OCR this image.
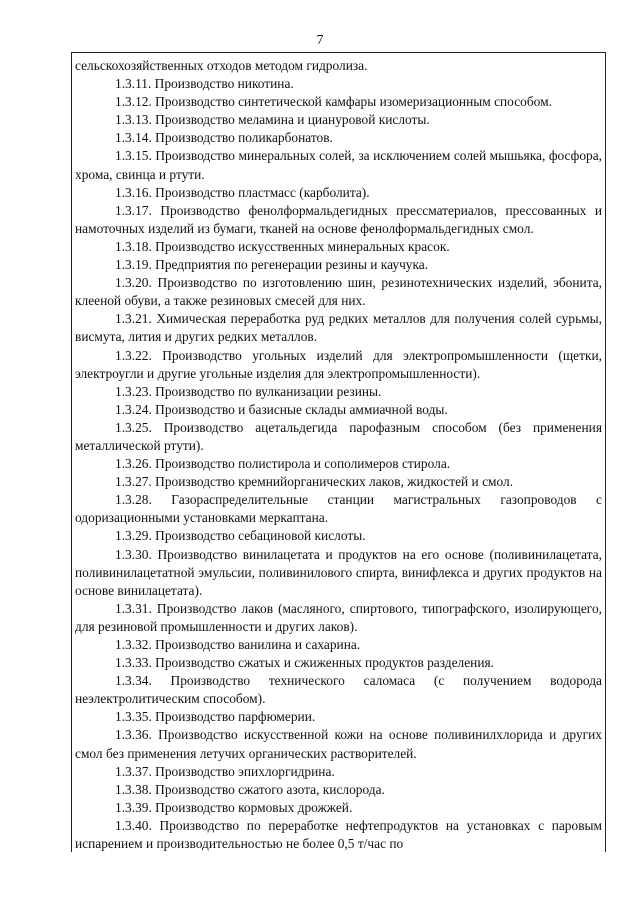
7

сельскохозяйственных отходов методом гидролиза.

1.3.11. Производство никотина.

1.3.12. Производство синтетической камфары изомеризационным способом.

1.3.13. Производство меламина и циануровой кислоты.

1.3.14. Производство поликарбонатов.

1.3.15. Производство минеральных солей, за исключением солей мышьяка, фосфора, хрома, свинца и ртути.

1.3.16. Производство пластмасс (карболита).

1.3.17. Производство фенолформальдегидных прессматериалов, прессованных и намоточных изделий из бумаги, тканей на основе фенолформальдегидных смол.

1.3.18. Производство искусственных минеральных красок.

1.3.19. Предприятия по регенерации резины и каучука.

1.3.20. Производство по изготовлению шин, резинотехнических изделий, эбонита, клееной обуви, а также резиновых смесей для них.

1.3.21. Химическая переработка руд редких металлов для получения солей сурьмы, висмута, лития и других редких металлов.

1.3.22. Производство угольных изделий для электропромышленности (щетки, электроугли и другие угольные изделия для электропромышленности).

1.3.23. Производство по вулканизации резины.

1.3.24. Производство и базисные склады аммиачной воды.

1.3.25. Производство ацетальдегида парофазным способом (без применения металлической ртути).

1.3.26. Производство полистирола и сополимеров стирола.

1.3.27. Производство кремнийорганических лаков, жидкостей и смол.

1.3.28. Газораспределительные станции магистральных газопроводов с одоризационными установками меркаптана.

1.3.29. Производство себациновой кислоты.

1.3.30. Производство винилацетата и продуктов на его основе (поливинилацетата, поливинилацетатной эмульсии, поливинилового спирта, винифлекса и других продуктов на основе винилацетата).

1.3.31. Производство лаков (масляного, спиртового, типографского, изолирующего, для резиновой промышленности и других лаков).

1.3.32. Производство ванилина и сахарина.

1.3.33. Производство сжатых и сжиженных продуктов разделения.

1.3.34. Производство технического саломаса (с получением водорода неэлектролитическим способом).

1.3.35. Производство парфюмерии.

1.3.36. Производство искусственной кожи на основе поливинилхлорида и других смол без применения летучих органических растворителей.

1.3.37. Производство эпихлоргидрина.

1.3.38. Производство сжатого азота, кислорода.

1.3.39. Производство кормовых дрожжей.

1.3.40. Производство по переработке нефтепродуктов на установках с паровым испарением и производительностью не более 0,5 т/час по
